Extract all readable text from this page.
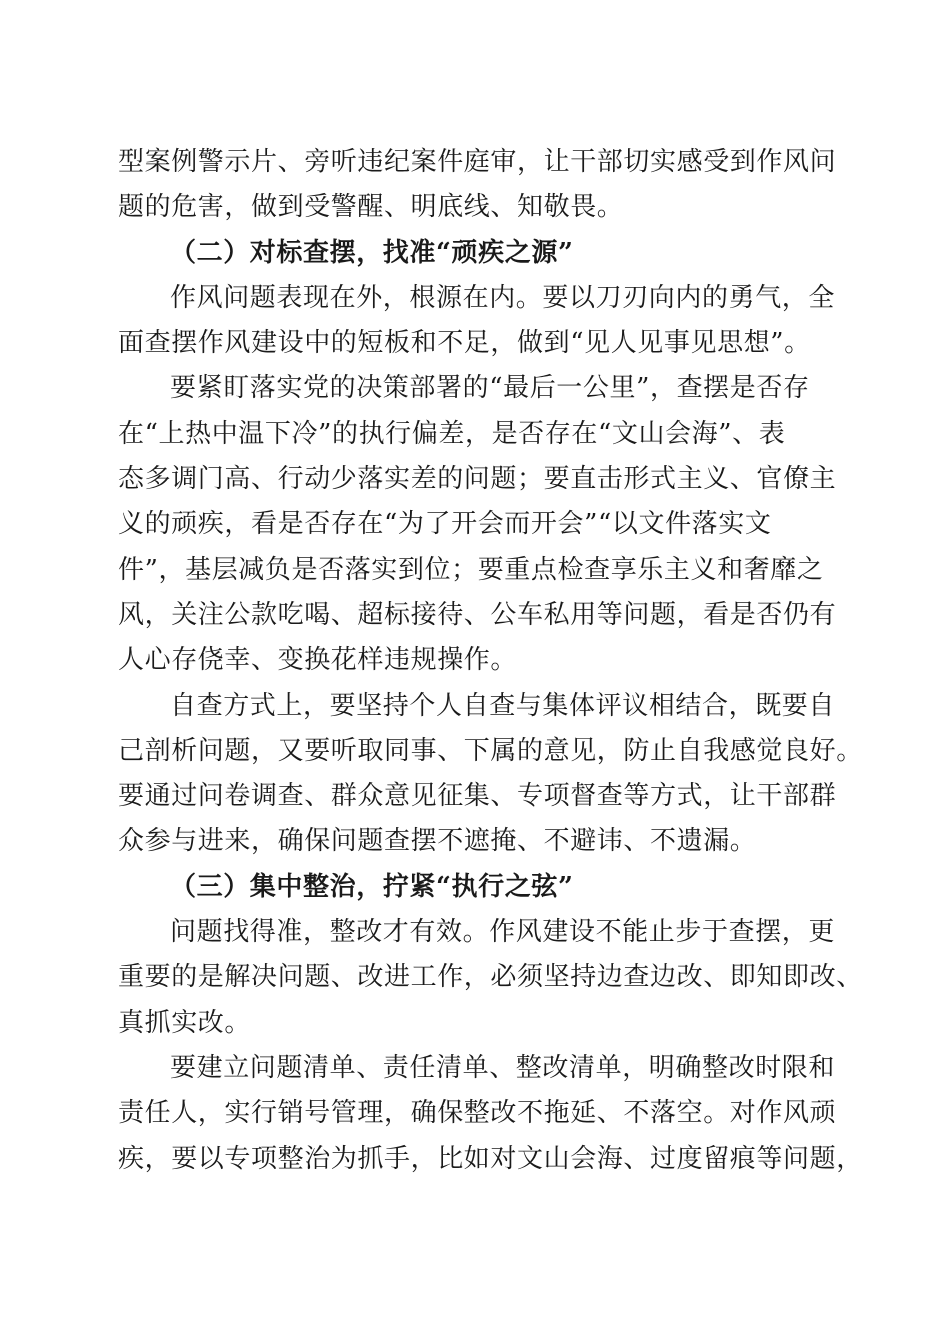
型案例警示片、旁听违纪案件庭审，让干部切实感受到作风问
题的危害，做到受警醒、明底线、知敬畏。
（二）对标查摆，找准“顽疾之源”
作风问题表现在外，根源在内。要以刀刃向内的勇气，全
面查摆作风建设中的短板和不足，做到“见人见事见思想”。
要紧盯落实党的决策部署的“最后一公里”，查摆是否存
在“上热中温下冷”的执行偏差，是否存在“文山会海”、表
态多调门高、行动少落实差的问题；要直击形式主义、官僚主
义的顽疾，看是否存在“为了开会而开会”“以文件落实文
件”，基层减负是否落实到位；要重点检查享乐主义和奢靡之
风，关注公款吃喝、超标接待、公车私用等问题，看是否仍有
人心存侥幸、变换花样违规操作。
自查方式上，要坚持个人自查与集体评议相结合，既要自
己剖析问题，又要听取同事、下属的意见，防止自我感觉良好。
要通过问卷调查、群众意见征集、专项督查等方式，让干部群
众参与进来，确保问题查摆不遮掩、不避讳、不遗漏。
（三）集中整治，拧紧“执行之弦”
问题找得准，整改才有效。作风建设不能止步于查摆，更
重要的是解决问题、改进工作，必须坚持边查边改、即知即改、
真抓实改。
要建立问题清单、责任清单、整改清单，明确整改时限和
责任人，实行销号管理，确保整改不拖延、不落空。对作风顽
疾，要以专项整治为抓手，比如对文山会海、过度留痕等问题，
